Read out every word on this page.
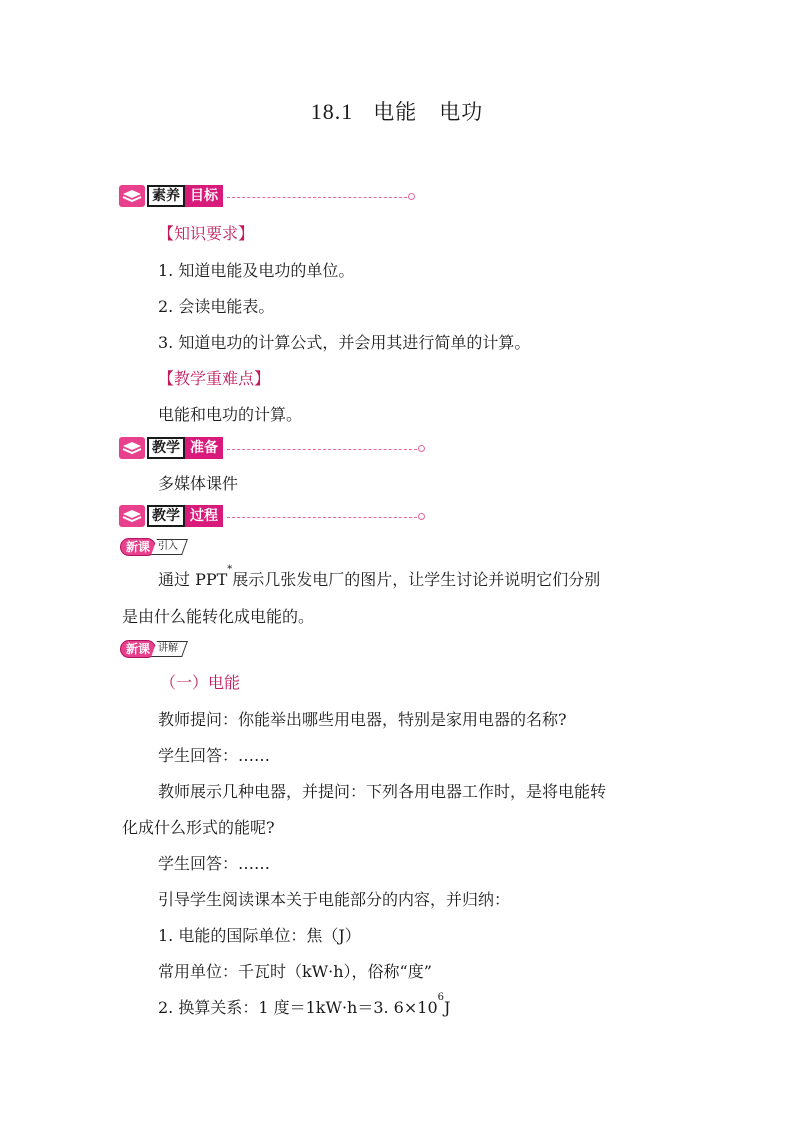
18.1 电能 电功
素养 目标
【知识要求】
1. 知道电能及电功的单位。
2. 会读电能表。
3. 知道电功的计算公式，并会用其进行简单的计算。
【教学重难点】
电能和电功的计算。
教学 准备
多媒体课件
教学 过程
新课 引入
通过 PPT*展示几张发电厂的图片，让学生讨论并说明它们分别
是由什么能转化成电能的。
新课 讲解
（一）电能
教师提问：你能举出哪些用电器，特别是家用电器的名称?
学生回答：……
教师展示几种电器，并提问：下列各用电器工作时，是将电能转
化成什么形式的能呢?
学生回答：……
引导学生阅读课本关于电能部分的内容，并归纳：
1. 电能的国际单位：焦（J）
常用单位：千瓦时（kW·h），俗称“度”
2. 换算关系：1 度＝1kW·h＝3. $6\times 10^6J$
